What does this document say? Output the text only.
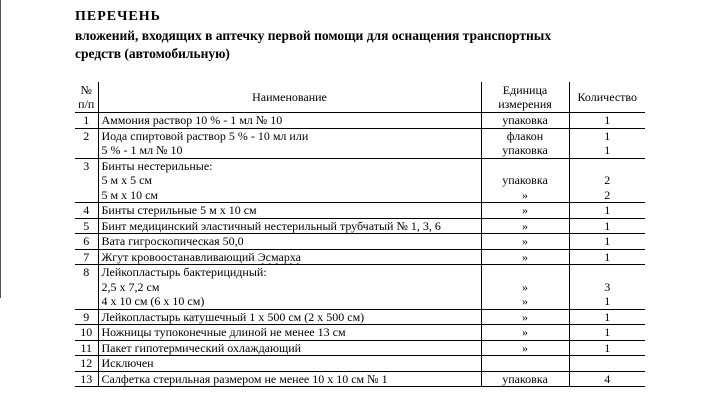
ПЕРЕЧЕНЬ
вложений, входящих в аптечку первой помощи для оснащения транспортных
средств (автомобильную)
№ п/п	Наименование	Единица измерения	Количество
1	Аммония раствор 10 % - 1 мл № 10	упаковка	1
2	Иода спиртовой раствор 5 % - 10 мл или	флакон	1
	5 % - 1 мл № 10	упаковка	1
3	Бинты нестерильные:		
	5 м х 5 см	упаковка	2
	5 м х 10 см	»	2
4	Бинты стерильные 5 м х 10 см	»	1
5	Бинт медицинский эластичный нестерильный трубчатый № 1, 3, 6	»	1
6	Вата гигроскопическая 50,0	»	1
7	Жгут кровоостанавливающий Эсмарха	»	1
8	Лейкопластырь бактерицидный:		
	2,5 х 7,2 см	»	3
	4 х 10 см (6 х 10 см)	»	1
9	Лейкопластырь катушечный 1 х 500 см (2 х 500 см)	»	1
10	Ножницы тупоконечные длиной не менее 13 см	»	1
11	Пакет гипотермический охлаждающий	»	1
12	Исключен		
13	Салфетка стерильная размером не менее 10 х 10 см № 1	упаковка	4
